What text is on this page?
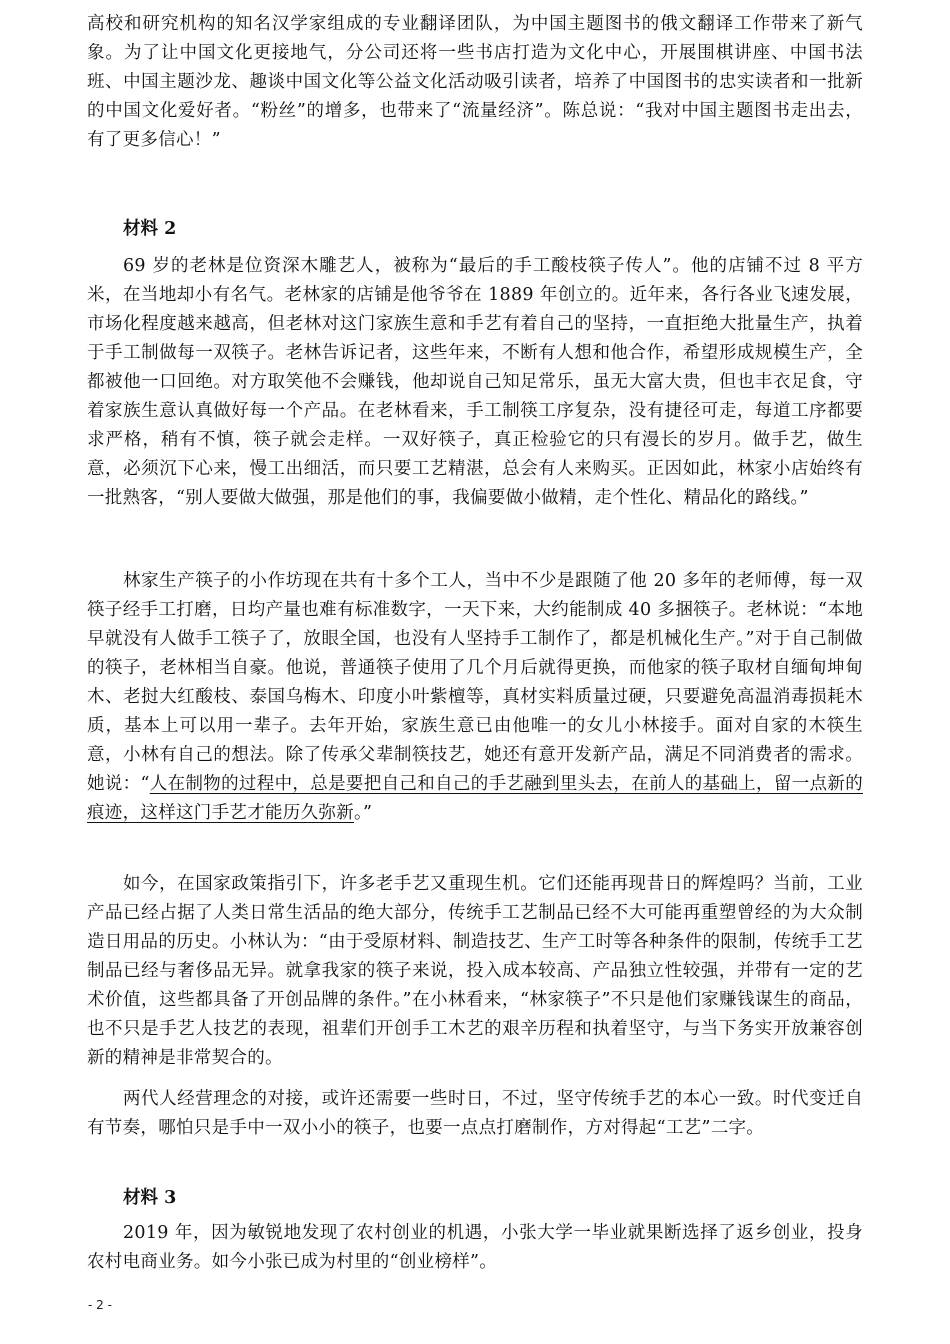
高校和研究机构的知名汉学家组成的专业翻译团队，为中国主题图书的俄文翻译工作带来了新气象。为了让中国文化更接地气，分公司还将一些书店打造为文化中心，开展围棋讲座、中国书法班、中国主题沙龙、趣谈中国文化等公益文化活动吸引读者，培养了中国图书的忠实读者和一批新的中国文化爱好者。“粉丝”的增多，也带来了“流量经济”。陈总说：“我对中国主题图书走出去，有了更多信心！”

材料 2

69 岁的老林是位资深木雕艺人，被称为“最后的手工酸枝筷子传人”。他的店铺不过 8 平方米，在当地却小有名气。老林家的店铺是他爷爷在 1889 年创立的。近年来，各行各业飞速发展，市场化程度越来越高，但老林对这门家族生意和手艺有着自己的坚持，一直拒绝大批量生产，执着于手工制做每一双筷子。老林告诉记者，这些年来，不断有人想和他合作，希望形成规模生产，全都被他一口回绝。对方取笑他不会赚钱，他却说自己知足常乐，虽无大富大贵，但也丰衣足食，守着家族生意认真做好每一个产品。在老林看来，手工制筷工序复杂，没有捷径可走，每道工序都要求严格，稍有不慎，筷子就会走样。一双好筷子，真正检验它的只有漫长的岁月。做手艺，做生意，必须沉下心来，慢工出细活，而只要工艺精湛，总会有人来购买。正因如此，林家小店始终有一批熟客，“别人要做大做强，那是他们的事，我偏要做小做精，走个性化、精品化的路线。”

林家生产筷子的小作坊现在共有十多个工人，当中不少是跟随了他 20 多年的老师傅，每一双筷子经手工打磨，日均产量也难有标准数字，一天下来，大约能制成 40 多捆筷子。老林说：“本地早就没有人做手工筷子了，放眼全国，也没有人坚持手工制作了，都是机械化生产。”对于自己制做的筷子，老林相当自豪。他说，普通筷子使用了几个月后就得更换，而他家的筷子取材自缅甸坤甸木、老挝大红酸枝、泰国乌梅木、印度小叶紫檀等，真材实料质量过硬，只要避免高温消毒损耗木质，基本上可以用一辈子。去年开始，家族生意已由他唯一的女儿小林接手。面对自家的木筷生意，小林有自己的想法。除了传承父辈制筷技艺，她还有意开发新产品，满足不同消费者的需求。她说：“人在制物的过程中，总是要把自己和自己的手艺融到里头去，在前人的基础上，留一点新的痕迹，这样这门手艺才能历久弥新。”

如今，在国家政策指引下，许多老手艺又重现生机。它们还能再现昔日的辉煌吗？当前，工业产品已经占据了人类日常生活品的绝大部分，传统手工艺制品已经不大可能再重塑曾经的为大众制造日用品的历史。小林认为：“由于受原材料、制造技艺、生产工时等各种条件的限制，传统手工艺制品已经与奢侈品无异。就拿我家的筷子来说，投入成本较高、产品独立性较强，并带有一定的艺术价值，这些都具备了开创品牌的条件。”在小林看来，“林家筷子”不只是他们家赚钱谋生的商品，也不只是手艺人技艺的表现，祖辈们开创手工木艺的艰辛历程和执着坚守，与当下务实开放兼容创新的精神是非常契合的。

两代人经营理念的对接，或许还需要一些时日，不过，坚守传统手艺的本心一致。时代变迁自有节奏，哪怕只是手中一双小小的筷子，也要一点点打磨制作，方对得起“工艺”二字。

材料 3

2019 年，因为敏锐地发现了农村创业的机遇，小张大学一毕业就果断选择了返乡创业，投身农村电商业务。如今小张已成为村里的“创业榜样”。

- 2 -
